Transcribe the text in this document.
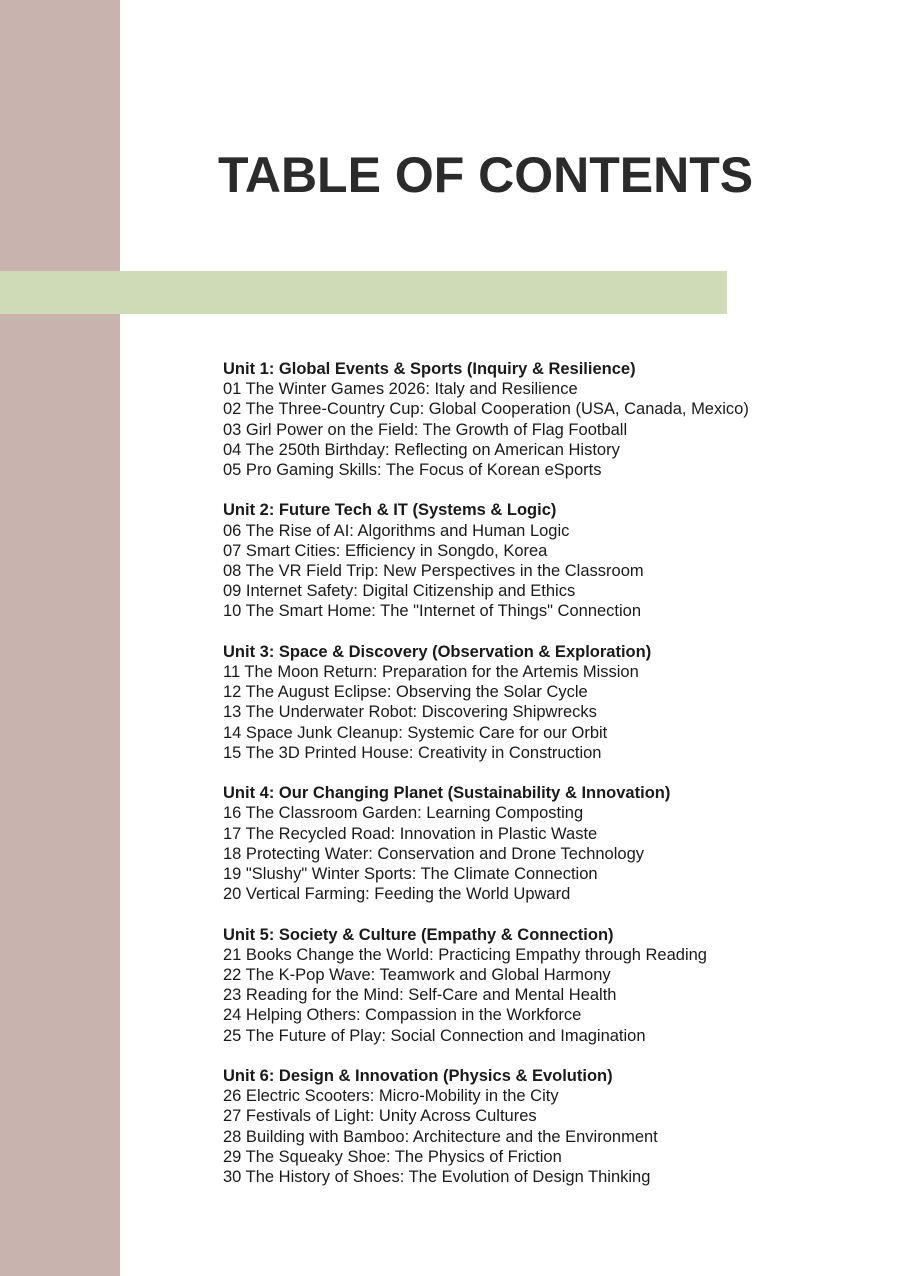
TABLE OF CONTENTS
Unit 1: Global Events & Sports (Inquiry & Resilience)
01 The Winter Games 2026: Italy and Resilience
02 The Three-Country Cup: Global Cooperation (USA, Canada, Mexico)
03 Girl Power on the Field: The Growth of Flag Football
04 The 250th Birthday: Reflecting on American History
05 Pro Gaming Skills: The Focus of Korean eSports
Unit 2: Future Tech & IT (Systems & Logic)
06 The Rise of AI: Algorithms and Human Logic
07 Smart Cities: Efficiency in Songdo, Korea
08 The VR Field Trip: New Perspectives in the Classroom
09 Internet Safety: Digital Citizenship and Ethics
10 The Smart Home: The "Internet of Things" Connection
Unit 3: Space & Discovery (Observation & Exploration)
11 The Moon Return: Preparation for the Artemis Mission
12 The August Eclipse: Observing the Solar Cycle
13 The Underwater Robot: Discovering Shipwrecks
14 Space Junk Cleanup: Systemic Care for our Orbit
15 The 3D Printed House: Creativity in Construction
Unit 4: Our Changing Planet (Sustainability & Innovation)
16 The Classroom Garden: Learning Composting
17 The Recycled Road: Innovation in Plastic Waste
18 Protecting Water: Conservation and Drone Technology
19 "Slushy" Winter Sports: The Climate Connection
20 Vertical Farming: Feeding the World Upward
Unit 5: Society & Culture (Empathy & Connection)
21 Books Change the World: Practicing Empathy through Reading
22 The K-Pop Wave: Teamwork and Global Harmony
23 Reading for the Mind: Self-Care and Mental Health
24 Helping Others: Compassion in the Workforce
25 The Future of Play: Social Connection and Imagination
Unit 6: Design & Innovation (Physics & Evolution)
26 Electric Scooters: Micro-Mobility in the City
27 Festivals of Light: Unity Across Cultures
28 Building with Bamboo: Architecture and the Environment
29 The Squeaky Shoe: The Physics of Friction
30 The History of Shoes: The Evolution of Design Thinking
